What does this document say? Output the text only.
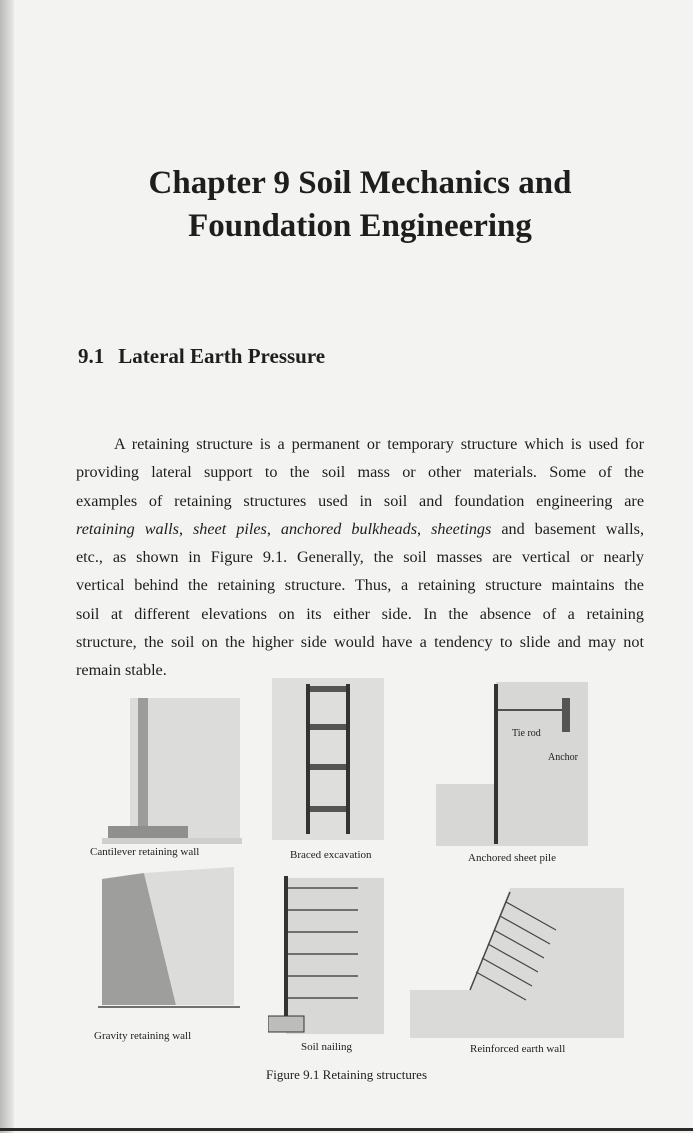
Chapter 9 Soil Mechanics and
Foundation Engineering
9.1 Lateral Earth Pressure
A retaining structure is a permanent or temporary structure which is used for
providing lateral support to the soil mass or other materials. Some of the
examples of retaining structures used in soil and foundation engineering are
retaining walls, sheet piles, anchored bulkheads, sheetings and basement walls,
etc., as shown in Figure 9.1. Generally, the soil masses are vertical or nearly
vertical behind the retaining structure. Thus, a retaining structure maintains the
soil at different elevations on its either side. In the absence of a retaining
structure, the soil on the higher side would have a tendency to slide and may not
remain stable.
Cantilever retaining wall	Braced excavation
Tie rod
Anchor
Anchored sheet pile
Gravity retaining wall
Soil nailing	Reinforced earth wall
Figure 9.1 Retaining structures
